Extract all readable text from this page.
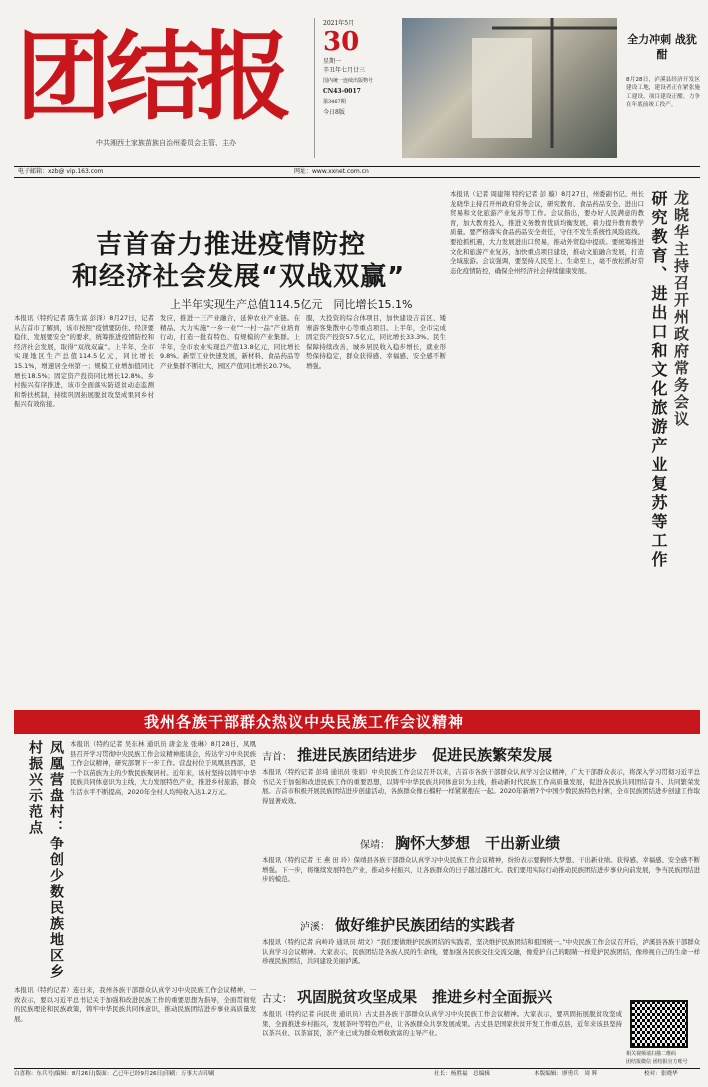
团结报
中共湘西土家族苗族自治州委员会主管、主办
2021年5月
30
星期一
辛丑年七月廿三
国内统一连续出版物号
CN43-0017
第3467期
今日8版
全力冲刺 战犹酣
8月28日，泸溪县经济开发区建设工地，建设者正在紧张施工建设，项目建设正酣，力争在年底前竣工投产。
电子邮箱：xzb@ vip.163.com	网址：www.xxnet.com.cn
吉首奋力推进疫情防控
和经济社会发展“双战双赢”
上半年实现生产总值114.5亿元　同比增长15.1%
本报讯（特约记者 陈生富 彭泽）8月27日，记者从吉首市了解到，该市按照“疫情要防住、经济要稳住、发展要安全”的要求，统筹推进疫情防控和经济社会发展，取得“双战双赢”。上半年，全市实现地区生产总值114.5亿元，同比增长15.1%，增速居全州第一；规模工业增加值同比增长18.5%；固定资产投资同比增长12.8%。乡村振兴有序推进，该市全面落实防返贫动态监测和帮扶机制，持续巩固拓展脱贫攻坚成果同乡村振兴有效衔接。
发应，推进一三产业融合，延伸农业产业链。在精品、大力实施“一乡一业”“一村一品”产业培育行动，打造一批有特色、有规模的产业集群。上半年，全市农业实现总产值13.8亿元，同比增长9.8%。新型工业快速发展，新材料、食品药品等产业集群不断壮大，园区产值同比增长20.7%。
服，大投资的综合体项目，加快建设吉首区、矮寨游客集散中心等重点项目。上半年，全市完成固定资产投资57.5亿元，同比增长33.3%。民生保障持续改善，城乡居民收入稳步增长，就业形势保持稳定，群众获得感、幸福感、安全感不断增强。	龙晓华主持召开州政府常务会议
研究教育、进出口和文化旅游产业复苏等工作
本报讯（记者 周建翔 特约记者 彭 璇）8月27日，州委副书记、州长龙晓华主持召开州政府常务会议，研究教育、食品药品安全、进出口贸易和文化旅游产业复苏等工作。会议指出，要办好人民满意的教育，加大教育投入，推进义务教育优质均衡发展，着力提升教育教学质量。要严格落实食品药品安全责任，守住不发生系统性风险底线。要抢抓机遇，大力发展进出口贸易，推动外贸稳中提质。要统筹推进文化和旅游产业复苏，加快重点项目建设，推动文旅融合发展，打造全域旅游。会议强调，要坚持人民至上、生命至上，毫不放松抓好常态化疫情防控，确保全州经济社会持续健康发展。
我州各族干部群众热议中央民族工作会议精神
凤凰营盘村：争创少数民族地区乡村振兴示范点	本报讯（特约记者 吴东林 通讯员 唐金龙 张琳）8月28日，凤凰县召开学习贯彻中央民族工作会议精神座谈会，传达学习中央民族工作会议精神，研究部署下一步工作。营盘村位于凤凰县西部，是一个以苗族为主的少数民族聚居村。近年来，该村坚持以铸牢中华民族共同体意识为主线，大力发展特色产业，推进乡村旅游，群众生活水平不断提高，2020年全村人均纯收入达1.2万元。
本报讯（特约记者）连日来，我州各族干部群众认真学习中央民族工作会议精神，一致表示，要以习近平总书记关于加强和改进民族工作的重要思想为指导，全面贯彻党的民族理论和民族政策，铸牢中华民族共同体意识，推动民族团结进步事业高质量发展。
吉首： 推进民族团结进步　促进民族繁荣发展
本报讯（特约记者 彭琦 通讯员 张娟）中央民族工作会议召开以来，吉首市各族干部群众认真学习会议精神，广大干部群众表示，将深入学习贯彻习近平总书记关于加强和改进民族工作的重要思想，以铸牢中华民族共同体意识为主线，推动新时代民族工作高质量发展，促进各民族共同团结奋斗、共同繁荣发展。吉首市积极开展民族团结进步创建活动，各族群众像石榴籽一样紧紧抱在一起。2020年新增7个中国少数民族特色村寨，全市民族团结进步创建工作取得显著成效。
保靖： 胸怀大梦想　干出新业绩
本报讯（特约记者 王 燕 田 玲）保靖县各族干部群众认真学习中央民族工作会议精神，纷纷表示要胸怀大梦想、干出新业绩。获得感、幸福感、安全感不断增强。下一步，将继续发展特色产业，推动乡村振兴，让各族群众的日子越过越红火。我们要用实际行动推动民族团结进步事业向前发展，争当民族团结进步的模范。
泸溪： 做好维护民族团结的实践者
本报讯（特约记者 向岭玲 通讯员 胡文）“我们要做维护民族团结的实践者，坚决维护民族团结和祖国统一。”中央民族工作会议召开后，泸溪县各族干部群众认真学习会议精神。大家表示，民族团结是各族人民的生命线，要加强各民族交往交流交融，像爱护自己的眼睛一样爱护民族团结，像珍视自己的生命一样珍视民族团结，共同建设美丽泸溪。
古丈： 巩固脱贫攻坚成果　推进乡村全面振兴
本报讯（特约记者 向民贵 通讯员）古丈县各族干部群众认真学习中央民族工作会议精神。大家表示，要巩固拓展脱贫攻坚成果，全面推进乡村振兴，发展茶叶等特色产业，让各族群众共享发展成果。古丈县是国家扶贫开发工作重点县，近年来该县坚持以茶兴业、以茶富民，茶产业已成为群众增收致富的主导产业。
相关视频请扫描二维码
团结报微信 团结报官方账号
白喜称：东兵号|编辑：8月26日|版面：乙已年已经9月26日|印刷：万事大吉印刷	社长：杨胜福　总编辑	本版编辑：廖勇兵　周 辉	校对：张晓华
